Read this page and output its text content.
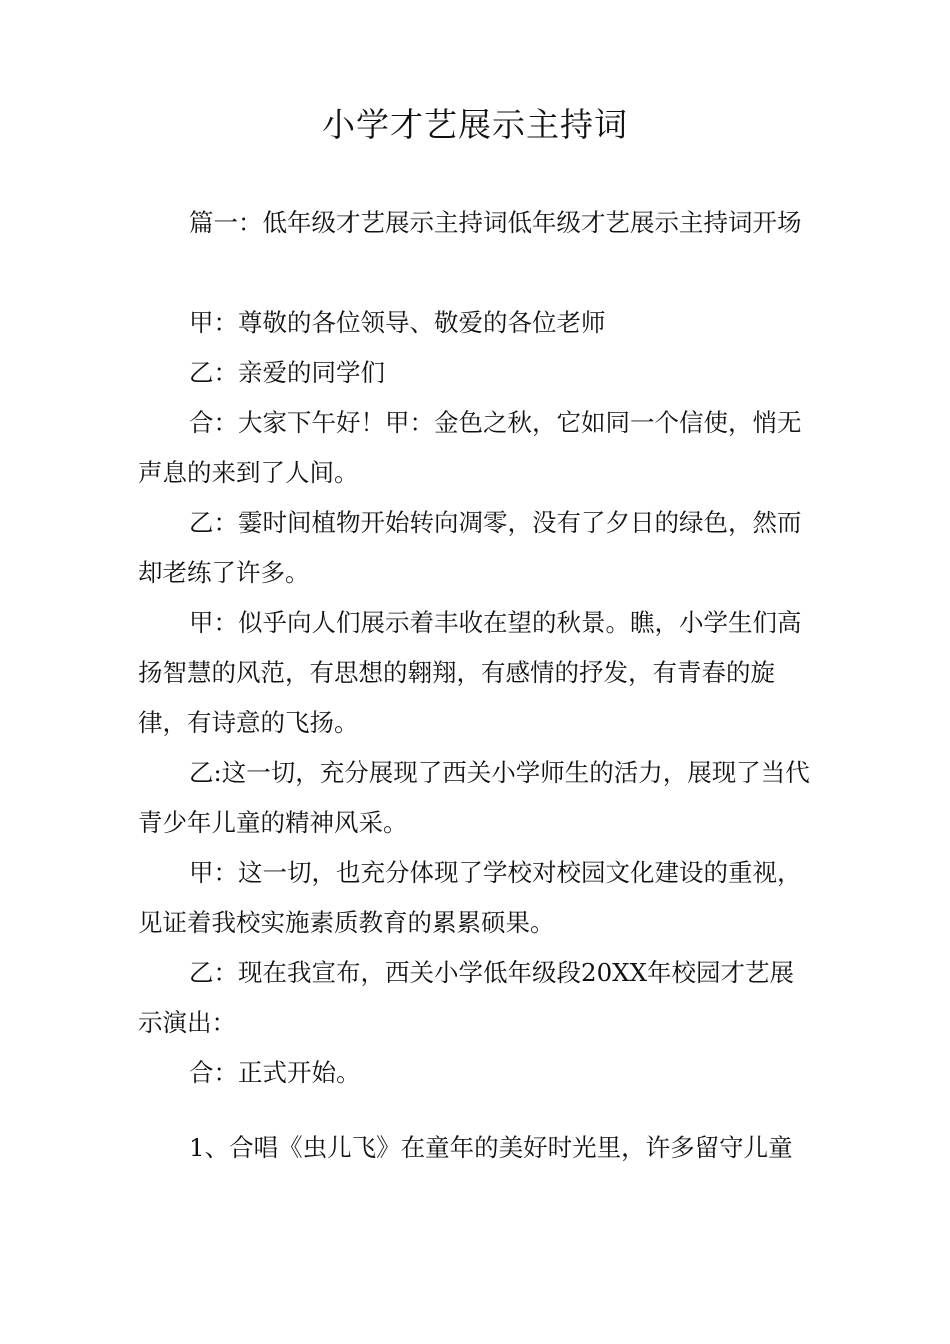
小学才艺展示主持词
篇一：低年级才艺展示主持词低年级才艺展示主持词开场
甲：尊敬的各位领导、敬爱的各位老师
乙：亲爱的同学们
合：大家下午好！甲：金色之秋，它如同一个信使，悄无声息的来到了人间。
乙：霎时间植物开始转向凋零，没有了夕日的绿色，然而却老练了许多。
甲：似乎向人们展示着丰收在望的秋景。瞧，小学生们高扬智慧的风范，有思想的翱翔，有感情的抒发，有青春的旋律，有诗意的飞扬。
乙:这一切，充分展现了西关小学师生的活力，展现了当代青少年儿童的精神风采。
甲：这一切，也充分体现了学校对校园文化建设的重视，见证着我校实施素质教育的累累硕果。
乙：现在我宣布，西关小学低年级段20XX年校园才艺展示演出：
合：正式开始。
1、合唱《虫儿飞》在童年的美好时光里，许多留守儿童
